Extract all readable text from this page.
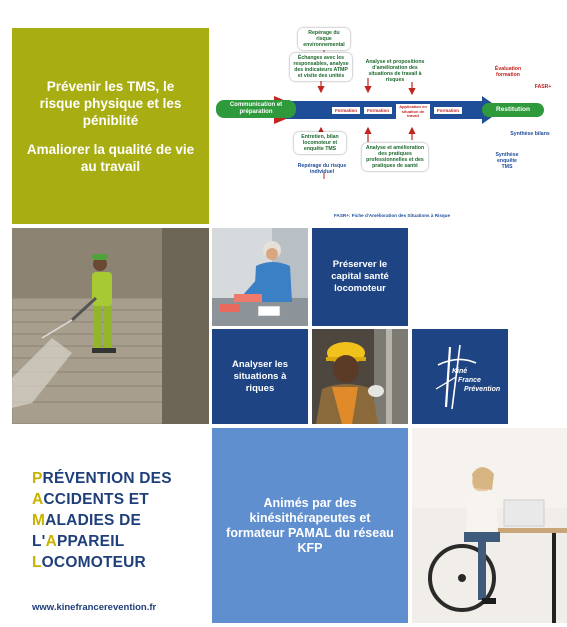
Prévenir les TMS, le risque physique et les péniblité

Amaliorer la qualité de vie au travail

Repérage du risque environnemental
Échanges avec les responsables, analyse des indicateurs ATMP et visite des unités
Analyse et propositions d'amélioration des situations de travail à risques
Évaluation formation
FASR+
Communication et préparation	Restitution
Formation	Formation
Application en situation de travail
Formation
Entretien, bilan locomoteur et enquête TMS	Analyse et amélioration des pratiques professionnelles et des pratiques de santé
Synthèse bilans
Synthèse enquête TMS
Repérage du risque individuel
FASR+: Fiche d'Amélioration des Situations à Risque
Préserver le capital santé locomoteur
Analyser les situations à riques
Kiné
France
Prévention
PRÉVENTION DES
ACCIDENTS ET
MALADIES DE
L'APPAREIL
LOCOMOTEUR
www.kinefrancerevention.fr
Animés par des kinésithérapeutes et formateur PAMAL du réseau KFP
